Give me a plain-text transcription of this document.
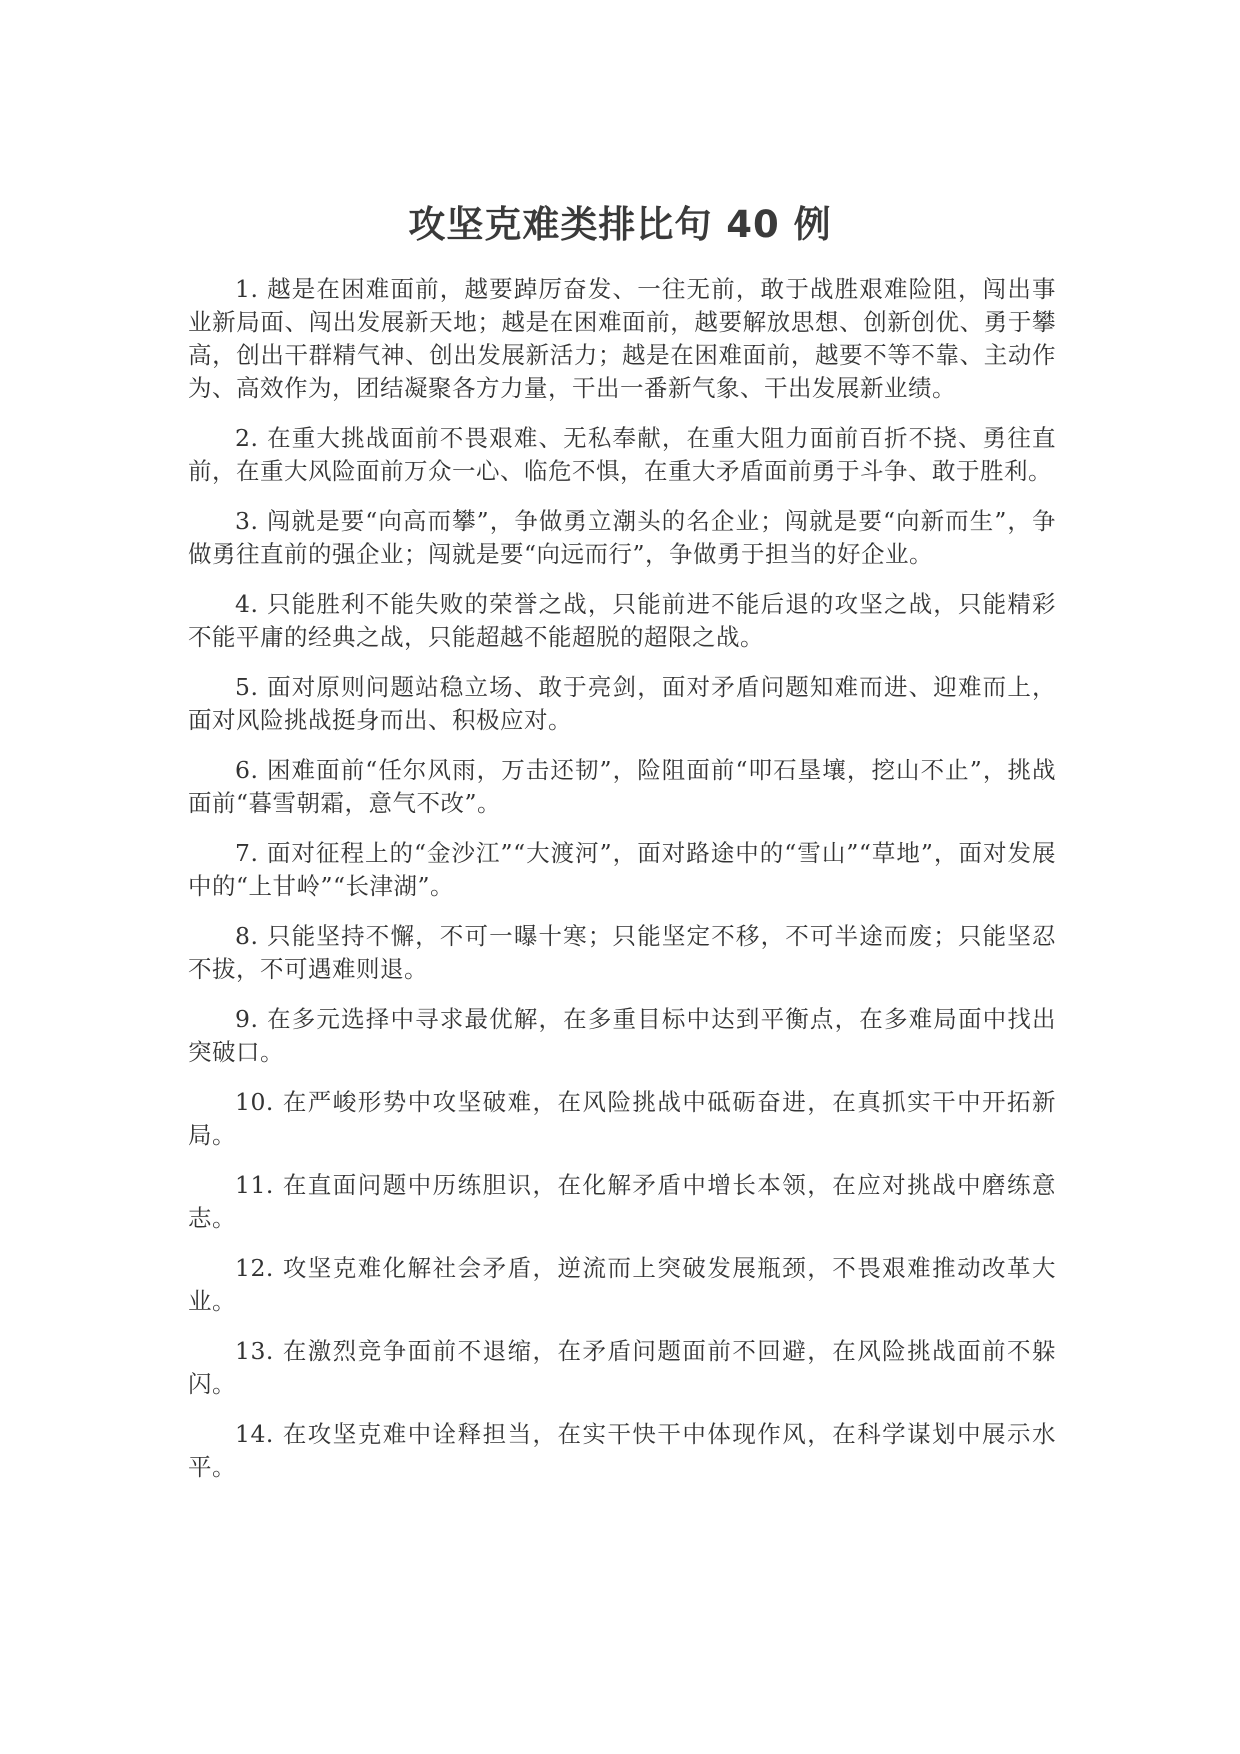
攻坚克难类排比句 40 例

1. 越是在困难面前，越要踔厉奋发、一往无前，敢于战胜艰难险阻，闯出事业新局面、闯出发展新天地；越是在困难面前，越要解放思想、创新创优、勇于攀高，创出干群精气神、创出发展新活力；越是在困难面前，越要不等不靠、主动作为、高效作为，团结凝聚各方力量，干出一番新气象、干出发展新业绩。

2. 在重大挑战面前不畏艰难、无私奉献，在重大阻力面前百折不挠、勇往直前，在重大风险面前万众一心、临危不惧，在重大矛盾面前勇于斗争、敢于胜利。

3. 闯就是要“向高而攀”，争做勇立潮头的名企业；闯就是要“向新而生”，争做勇往直前的强企业；闯就是要“向远而行”，争做勇于担当的好企业。

4. 只能胜利不能失败的荣誉之战，只能前进不能后退的攻坚之战，只能精彩不能平庸的经典之战，只能超越不能超脱的超限之战。

5. 面对原则问题站稳立场、敢于亮剑，面对矛盾问题知难而进、迎难而上，面对风险挑战挺身而出、积极应对。

6. 困难面前“任尔风雨，万击还韧”，险阻面前“叩石垦壤，挖山不止”，挑战面前“暮雪朝霜，意气不改”。

7. 面对征程上的“金沙江”“大渡河”，面对路途中的“雪山”“草地”，面对发展中的“上甘岭”“长津湖”。

8. 只能坚持不懈，不可一曝十寒；只能坚定不移，不可半途而废；只能坚忍不拔，不可遇难则退。

9. 在多元选择中寻求最优解，在多重目标中达到平衡点，在多难局面中找出突破口。

10. 在严峻形势中攻坚破难，在风险挑战中砥砺奋进，在真抓实干中开拓新局。

11. 在直面问题中历练胆识，在化解矛盾中增长本领，在应对挑战中磨练意志。

12. 攻坚克难化解社会矛盾，逆流而上突破发展瓶颈，不畏艰难推动改革大业。

13. 在激烈竞争面前不退缩，在矛盾问题面前不回避，在风险挑战面前不躲闪。

14. 在攻坚克难中诠释担当，在实干快干中体现作风，在科学谋划中展示水平。
